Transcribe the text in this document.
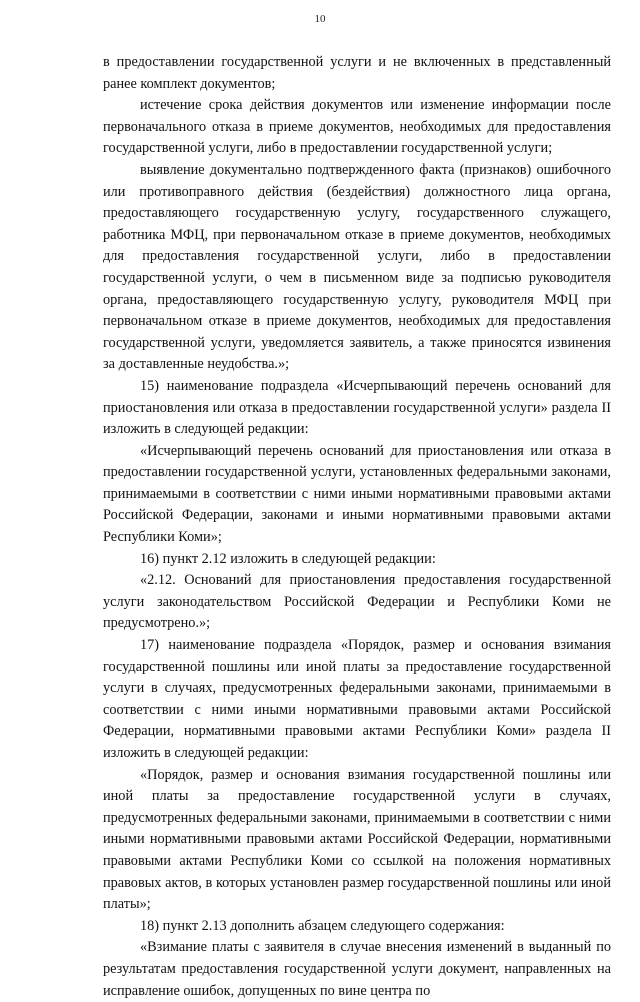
10

в предоставлении государственной услуги и не включенных в представленный ранее комплект документов;

истечение срока действия документов или изменение информации после первоначального отказа в приеме документов, необходимых для предоставления государственной услуги, либо в предоставлении государственной услуги;

выявление документально подтвержденного факта (признаков) ошибочного или противоправного действия (бездействия) должностного лица органа, предоставляющего государственную услугу, государственного служащего, работника МФЦ, при первоначальном отказе в приеме документов, необходимых для предоставления государственной услуги, либо в предоставлении государственной услуги, о чем в письменном виде за подписью руководителя органа, предоставляющего государственную услугу, руководителя МФЦ при первоначальном отказе в приеме документов, необходимых для предоставления государственной услуги, уведомляется заявитель, а также приносятся извинения за доставленные неудобства.»;

15) наименование подраздела «Исчерпывающий перечень оснований для приостановления или отказа в предоставлении государственной услуги» раздела II изложить в следующей редакции:

«Исчерпывающий перечень оснований для приостановления или отказа в предоставлении государственной услуги, установленных федеральными законами, принимаемыми в соответствии с ними иными нормативными правовыми актами Российской Федерации, законами и иными нормативными правовыми актами Республики Коми»;

16) пункт 2.12 изложить в следующей редакции:

«2.12. Оснований для приостановления предоставления государственной услуги законодательством Российской Федерации и Республики Коми не предусмотрено.»;

17) наименование подраздела «Порядок, размер и основания взимания государственной пошлины или иной платы за предоставление государственной услуги в случаях, предусмотренных федеральными законами, принимаемыми в соответствии с ними иными нормативными правовыми актами Российской Федерации, нормативными правовыми актами Республики Коми» раздела II изложить в следующей редакции:

«Порядок, размер и основания взимания государственной пошлины или иной платы за предоставление государственной услуги в случаях, предусмотренных федеральными законами, принимаемыми в соответствии с ними иными нормативными правовыми актами Российской Федерации, нормативными правовыми актами Республики Коми со ссылкой на положения нормативных правовых актов, в которых установлен размер государственной пошлины или иной платы»;

18) пункт 2.13 дополнить абзацем следующего содержания:

«Взимание платы с заявителя в случае внесения изменений в выданный по результатам предоставления государственной услуги документ, направленных на исправление ошибок, допущенных по вине центра по
